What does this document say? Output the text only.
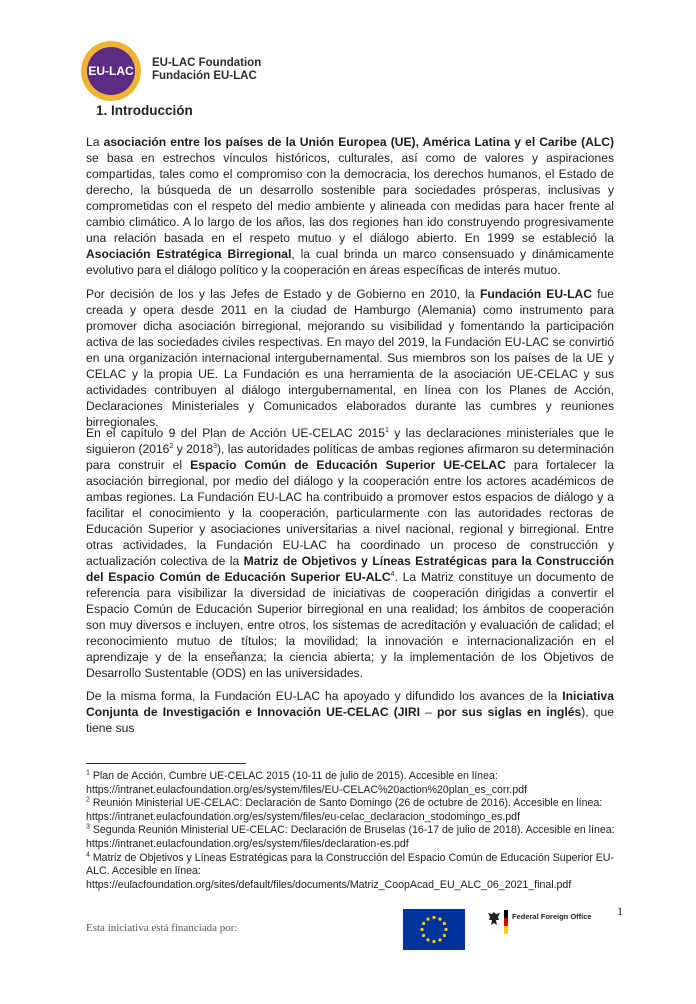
EU-LAC
EU-LAC Foundation
Fundación EU-LAC
1. Introducción

La asociación entre los países de la Unión Europea (UE), América Latina y el Caribe (ALC) se basa en estrechos vínculos históricos, culturales, así como de valores y aspiraciones compartidas, tales como el compromiso con la democracia, los derechos humanos, el Estado de derecho, la búsqueda de un desarrollo sostenible para sociedades prósperas, inclusivas y comprometidas con el respeto del medio ambiente y alineada con medidas para hacer frente al cambio climático. A lo largo de los años, las dos regiones han ido construyendo progresivamente una relación basada en el respeto mutuo y el diálogo abierto. En 1999 se estableció la Asociación Estratégica Birregional, la cual brinda un marco consensuado y dinámicamente evolutivo para el diálogo político y la cooperación en áreas específicas de interés mutuo.

Por decisión de los y las Jefes de Estado y de Gobierno en 2010, la Fundación EU-LAC fue creada y opera desde 2011 en la ciudad de Hamburgo (Alemania) como instrumento para promover dicha asociación birregional, mejorando su visibilidad y fomentando la participación activa de las sociedades civiles respectivas. En mayo del 2019, la Fundación EU-LAC se convirtió en una organización internacional intergubernamental. Sus miembros son los países de la UE y CELAC y la propia UE. La Fundación es una herramienta de la asociación UE-CELAC y sus actividades contribuyen al diálogo intergubernamental, en línea con los Planes de Acción, Declaraciones Ministeriales y Comunicados elaborados durante las cumbres y reuniones birregionales.

En el capítulo 9 del Plan de Acción UE-CELAC 2015$^1$ y las declaraciones ministeriales que le siguieron (2016$^2$ y 2018$^3$), las autoridades políticas de ambas regiones afirmaron su determinación para construir el Espacio Común de Educación Superior UE-CELAC para fortalecer la asociación birregional, por medio del diálogo y la cooperación entre los actores académicos de ambas regiones. La Fundación EU-LAC ha contribuido a promover estos espacios de diálogo y a facilitar el conocimiento y la cooperación, particularmente con las autoridades rectoras de Educación Superior y asociaciones universitarias a nivel nacional, regional y birregional. Entre otras actividades, la Fundación EU-LAC ha coordinado un proceso de construcción y actualización colectiva de la Matriz de Objetivos y Líneas Estratégicas para la Construcción del Espacio Común de Educación Superior EU-ALC$^4$. La Matriz constituye un documento de referencia para visibilizar la diversidad de iniciativas de cooperación dirigidas a convertir el Espacio Común de Educación Superior birregional en una realidad; los ámbitos de cooperación son muy diversos e incluyen, entre otros, los sistemas de acreditación y evaluación de calidad; el reconocimiento mutuo de títulos; la movilidad; la innovación e internacionalización en el aprendizaje y de la enseñanza; la ciencia abierta; y la implementación de los Objetivos de Desarrollo Sustentable (ODS) en las universidades.

De la misma forma, la Fundación EU-LAC ha apoyado y difundido los avances de la Iniciativa Conjunta de Investigación e Innovación UE-CELAC (JIRI – por sus siglas en inglés), que tiene sus

$^1$ Plan de Acción, Cumbre UE-CELAC 2015 (10-11 de julio de 2015). Accesible en línea:
https://intranet.eulacfoundation.org/es/system/files/EU-CELAC%20action%20plan_es_corr.pdf

$^2$ Reunión Ministerial UE-CELAC: Declaración de Santo Domingo (26 de octubre de 2016). Accesible en línea:
https://intranet.eulacfoundation.org/es/system/files/eu-celac_declaracion_stodomingo_es.pdf

$^3$ Segunda Reunión Ministerial UE-CELAC: Declaración de Bruselas (16-17 de julio de 2018). Accesible en línea:
https://intranet.eulacfoundation.org/es/system/files/declaration-es.pdf

$^4$ Matriz de Objetivos y Líneas Estratégicas para la Construcción del Espacio Común de Educación Superior EU-ALC. Accesible en línea:
https://eulacfoundation.org/sites/default/files/documents/Matriz_CoopAcad_EU_ALC_06_2021_final.pdf

1
Esta iniciativa está financiada por:
Federal Foreign Office
